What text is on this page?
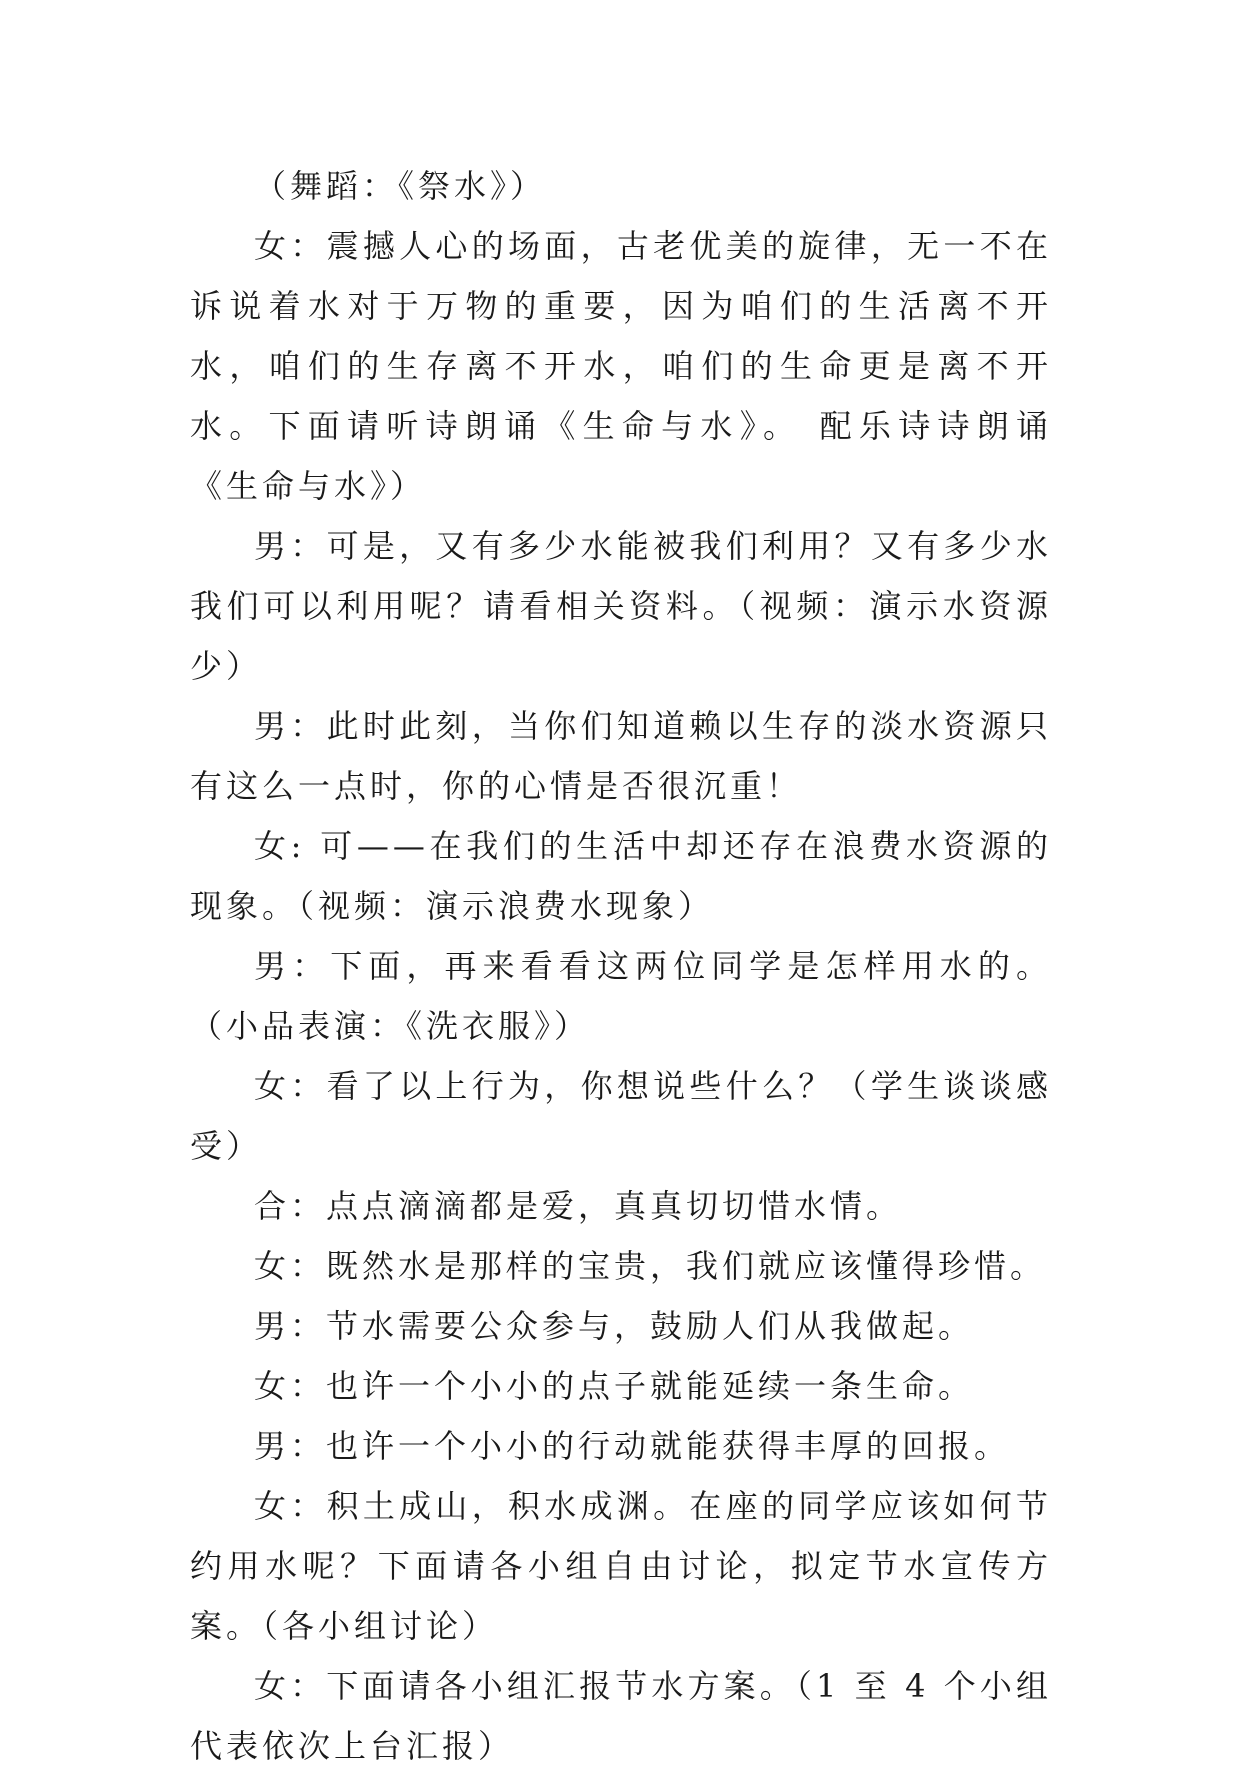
（舞蹈：《祭水》）

女：震撼人心的场面，古老优美的旋律，无一不在诉说着水对于万物的重要，因为咱们的生活离不开水，咱们的生存离不开水，咱们的生命更是离不开水。下面请听诗朗诵《生命与水》。 配乐诗诗朗诵《生命与水》）

男：可是，又有多少水能被我们利用？又有多少水我们可以利用呢？请看相关资料。（视频：演示水资源少）

男：此时此刻，当你们知道赖以生存的淡水资源只有这么一点时，你的心情是否很沉重！

女: 可——在我们的生活中却还存在浪费水资源的现象。（视频：演示浪费水现象）

男：下面，再来看看这两位同学是怎样用水的。（小品表演：《洗衣服》）

女：看了以上行为，你想说些什么？（学生谈谈感受）

合：点点滴滴都是爱，真真切切惜水情。

女：既然水是那样的宝贵，我们就应该懂得珍惜。

男：节水需要公众参与，鼓励人们从我做起。

女：也许一个小小的点子就能延续一条生命。

男：也许一个小小的行动就能获得丰厚的回报。

女：积土成山，积水成渊。在座的同学应该如何节约用水呢？下面请各小组自由讨论，拟定节水宣传方案。（各小组讨论）

女：下面请各小组汇报节水方案。（1 至 4 个小组代表依次上台汇报）
